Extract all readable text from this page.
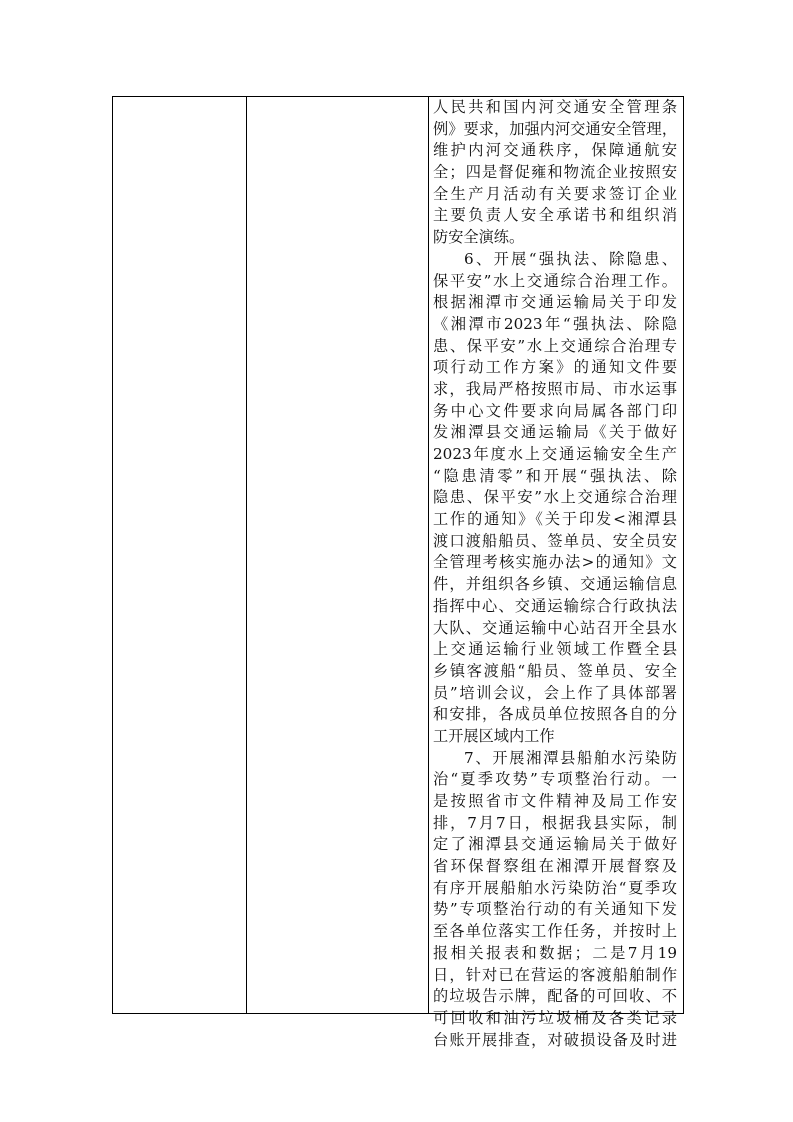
人民共和国内河交通安全管理条
例》要求，加强内河交通安全管理，
维护内河交通秩序，保障通航安
全；四是督促雍和物流企业按照安
全生产月活动有关要求签订企业
主要负责人安全承诺书和组织消
防安全演练。
6、开展“强执法、除隐患、
保平安”水上交通综合治理工作。
根据湘潭市交通运输局关于印发
《湘潭市2023年“强执法、除隐
患、保平安”水上交通综合治理专
项行动工作方案》的通知文件要
求，我局严格按照市局、市水运事
务中心文件要求向局属各部门印
发湘潭县交通运输局《关于做好
2023年度水上交通运输安全生产
“隐患清零”和开展“强执法、除
隐患、保平安”水上交通综合治理
工作的通知》《关于印发<湘潭县
渡口渡船船员、签单员、安全员安
全管理考核实施办法>的通知》文
件，并组织各乡镇、交通运输信息
指挥中心、交通运输综合行政执法
大队、交通运输中心站召开全县水
上交通运输行业领域工作暨全县
乡镇客渡船“船员、签单员、安全
员”培训会议，会上作了具体部署
和安排，各成员单位按照各自的分
工开展区域内工作
7、开展湘潭县船舶水污染防
治“夏季攻势”专项整治行动。一
是按照省市文件精神及局工作安
排，7月7日，根据我县实际，制
定了湘潭县交通运输局关于做好
省环保督察组在湘潭开展督察及
有序开展船舶水污染防治“夏季攻
势”专项整治行动的有关通知下发
至各单位落实工作任务，并按时上
报相关报表和数据；二是7月19
日，针对已在营运的客渡船舶制作
的垃圾告示牌，配备的可回收、不
可回收和油污垃圾桶及各类记录
台账开展排查，对破损设备及时进
